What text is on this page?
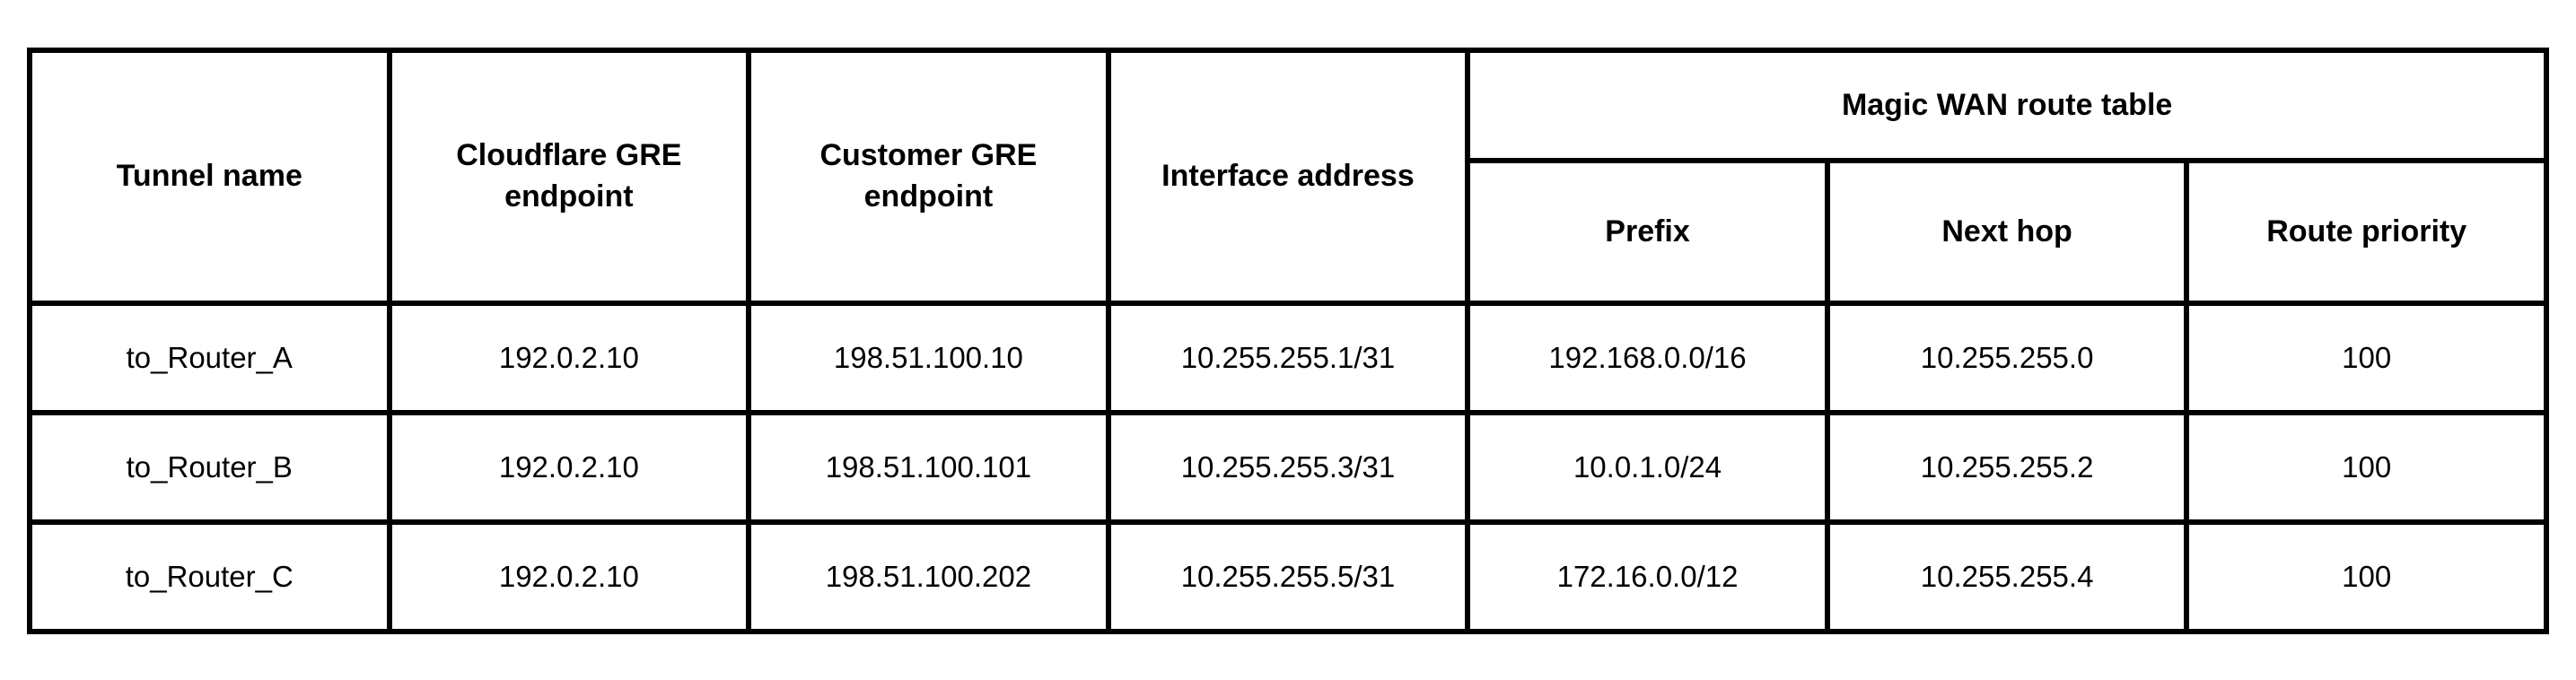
Tunnel name	Cloudflare GRE endpoint	Customer GRE endpoint	Interface address	Magic WAN route table		
				Prefix	Next hop	Route priority
to_Router_A	192.0.2.10	198.51.100.10	10.255.255.1/31	192.168.0.0/16	10.255.255.0	100
to_Router_B	192.0.2.10	198.51.100.101	10.255.255.3/31	10.0.1.0/24	10.255.255.2	100
to_Router_C	192.0.2.10	198.51.100.202	10.255.255.5/31	172.16.0.0/12	10.255.255.4	100
